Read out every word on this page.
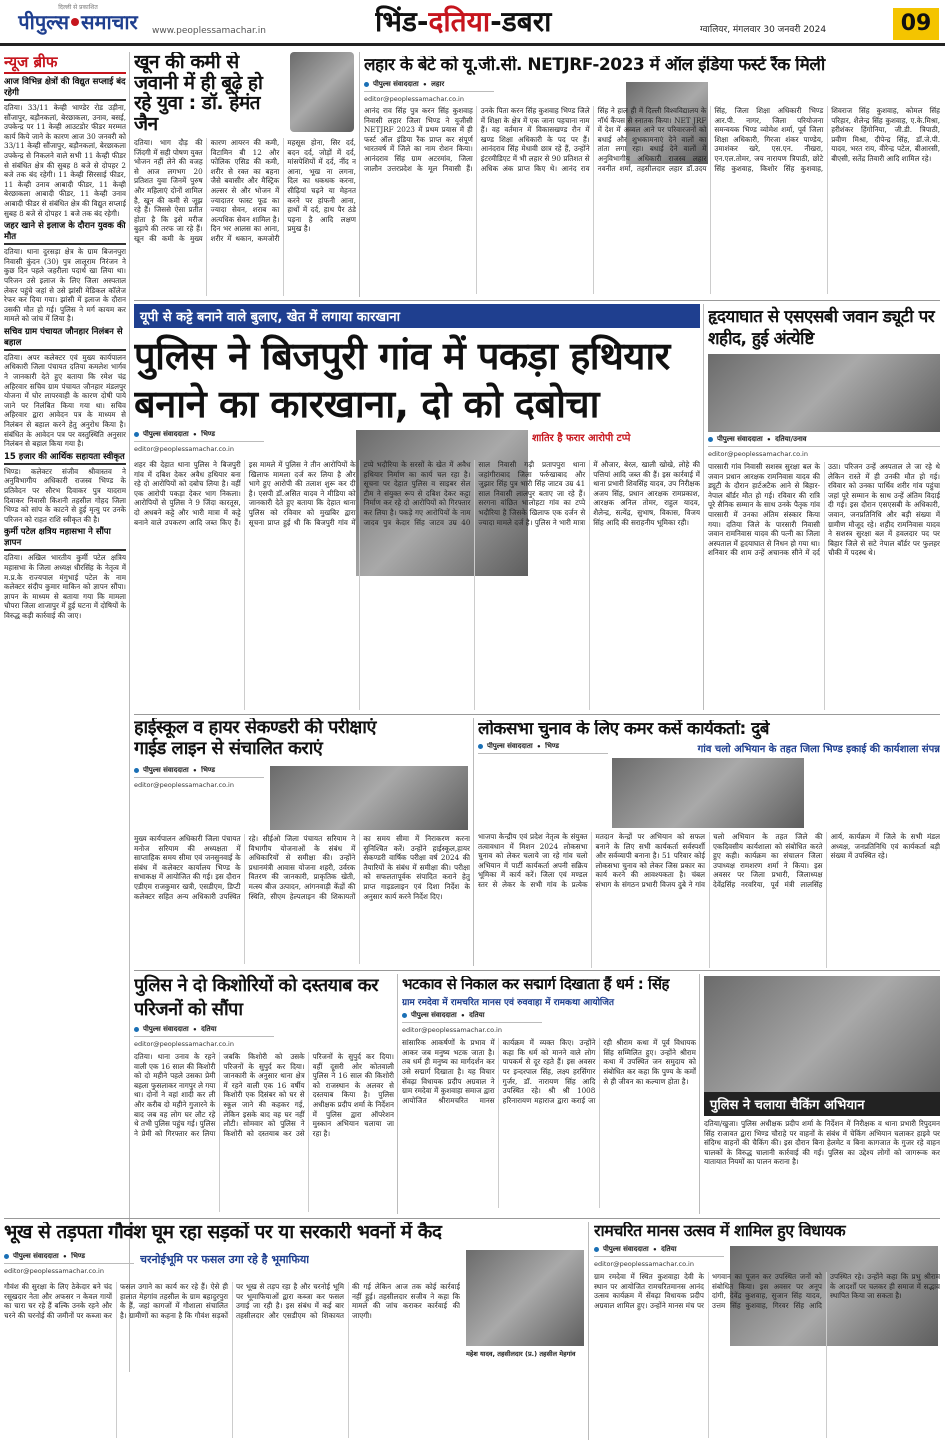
दिल्ली से प्रकाशित
पीपुल्स समाचार www.peoplessamachar.in	भिंड-दतिया-डबरा	ग्वालियर, मंगलवार 30 जनवरी 2024	09
न्यूज ब्रीफ
आज विभिन्न क्षेत्रों की विद्युत सप्लाई बंद रहेगी
दतिया। 33/11 केव्ही भाण्डेर रोड उड़ीना, सौंजापुर, बड़ौनकलां, बेरछाकला, उनाव, बसई, उपकेन्द्र पर 11 केव्ही आउटडोर फीडर मरम्मत कार्य किये जाने के कारण आज 30 जनवरी को 33/11 केव्ही सौंजापुर, बड़ौनकलां, बेरछाकला उपकेन्द्र से निकलने वाले सभी 11 केव्ही फीडर से संबंधित क्षेत्र की सुबह 8 बजे से दोपहर 2 बजे तक बंद रहेगी। 11 केव्ही सिरसाई फीडर, 11 केव्ही उनाव आबादी फीडर, 11 केव्ही बेरछाकला आबादी फीडर, 11 केव्ही उनाव आबादी फीडर से संबंधित क्षेत्र की विद्युत सप्लाई सुबह 8 बजे से दोपहर 1 बजे तक बंद रहेगी।
जहर खाने से इलाज के दौरान युवक की मौत
दतिया। थाना दुरसड़ा क्षेत्र के ग्राम बिजनपुरा निवासी कुंदन (30) पुत्र लालूराम निरंजन ने कुछ दिन पहले जहरीला पदार्थ खा लिया था। परिजन उसे इलाज के लिए जिला अस्पताल लेकर पहुंचे जहां से उसे झांसी मेडिकल कॉलेज रेफर कर दिया गया। झांसी में इलाज के दौरान उसकी मौत हो गई। पुलिस ने मर्ग कायम कर मामले को जांच में लिया है।
सचिव ग्राम पंचायत जौनहार निलंबन से बहाल
दतिया। अपर कलेक्टर एवं मुख्य कार्यपालन अधिकारी जिला पंचायत दतिया कमलेश भार्गव ने जानकारी देते हुए बताया कि रमेश चंद्र अहिरवार सचिव ग्राम पंचायत जौनहार मंडलपुर योजना में घोर लापरवाही के कारण दोषी पाये जाने पर निलंबित किया गया था। सचिव अहिरवार द्वारा आवेदन पत्र के माध्यम से निलंबन से बहाल करने हेतु अनुरोध किया है। संबंधित के आवेदन पत्र पर वस्तुस्थिति अनुसार निलंबन से बहाल किया गया है।
15 हजार की आर्थिक सहायता स्वीकृत
भिण्ड। कलेक्टर संजीव श्रीवास्तव ने अनुविभागीय अधिकारी राजस्व भिण्ड के प्रतिवेदन पर सौरभ दिवाकर पुत्र यादराम दिवाकर निवासी किशनी तहसील गोहद जिला भिण्ड को सांप के काटने से हुई मृत्यु पर उनके परिजन को राहत राशि स्वीकृत की है।
कुर्मी पटेल क्षत्रिय महासभा ने सौंपा ज्ञापन
दतिया। अखिल भारतीय कुर्मी पटेल क्षत्रिय महासभा के जिला अध्यक्ष धीरसिंह के नेतृत्व में म.प्र.के राज्यपाल मंगुभाई पटेल के नाम कलेक्टर संदीप कुमार माकिन को ज्ञापन सौंपा। ज्ञापन के माध्यम से बताया गया कि मामला चौपरा जिला शाजापुर में हुई घटना में दोषियों के विरुद्ध कड़ी कार्रवाई की जाए।
खून की कमी से जवानी में ही बूढ़े हो रहे युवा : डॉ. हेमंत जैन
दतिया। भाग दौड़ की जिंदगी में सही पोषण युक्त भोजन नहीं लेने की वजह से आज लगभग 20 प्रतिशत युवा जिनमें पुरुष और महिलाएं दोनों शामिल है, खून की कमी से जूझ रहे हैं। जिससे ऐसा प्रतीत होता है कि इसे मरीज बुढ़ापे की तरफ जा रहे हैं। खून की कमी के मुख्य कारण आयरन की कमी, विटामिन बी 12 और फोलिक एसिड की कमी, शरीर से रक्त का बहना जैसे बवासीर और मैस्ट्रिक अल्सर से और भोजन में ज्यादातर फास्ट फूड का ज्यादा सेवन, शराब का अत्यधिक सेवन शामिल है। दिन भर आलस का आना, शरीर में थकान, कमजोरी महसूस होना, सिर दर्द, बदन दर्द, जोड़ों में दर्द, मांसपेशियों में दर्द, नींद न आना, भूख ना लगना, दिल का धकधक करना, सीढ़ियां चढ़ने या मेहनत करने पर हांफनी आना, हाथों में दर्द, हाथ पैर ठंडे पड़ना है आदि लक्षण प्रमुख है।
लहार के बेटे को यू.जी.सी. NETJRF-2023 में ऑल इंडिया फर्स्ट रैंक मिली
पीपुल्स संवाददाता • लहार
editor@peoplessamachar.co.in
आनंद राव सिंह पुत्र करन सिंह कुशवाह निवासी लहार जिला भिण्ड ने यूजीसी NETJRF 2023 में प्रथम प्रयास में ही फर्स्ट ऑल इंडिया रैंक प्राप्त कर संपूर्ण भारतवर्ष में जिले का नाम रोशन किया। आनंदराव सिंह ग्राम अटरमांव, जिला जालौन उत्तरप्रदेश के मूल निवासी हैं। उनके पिता करन सिंह कुशवाह भिण्ड जिले में शिक्षा के क्षेत्र में एक जाना पहचाना नाम हैं। वह वर्तमान में विकासखण्ड रौन में खण्ड शिक्षा अधिकारी के पद पर हैं। आनंदराव सिंह मेधावी छात्र रहे हैं, उन्होंने इंटरमीडिएट में भी लहार से 90 प्रतिशत से अधिक अंक प्राप्त किए थे। आनंद राव सिंह ने हाल ही में दिल्ली विश्वविद्यालय के नॉर्थ कैंपस से स्नातक किया। NET JRF में देश में अव्वल आने पर परिवारजनों को बधाई और शुभकामनाएं देने वालों का तांता लगा रहा। बधाई देने वालों में अनुविभागीय अधिकारी राजस्व लहार नवनीत शर्मा, तहसीलदार लहार डॉ.उदय सिंह, जिला शिक्षा अधिकारी भिण्ड आर.पी. नागर, जिला परियोजना समन्वयक भिण्ड व्योमेश शर्मा, पूर्व जिला शिक्षा अधिकारी, गिरजा शंकर पाण्डेय, उमाशंकर खरे, एस.एन. नीखरा, एन.एल.तोमर, जय नारायण त्रिपाठी, छोटे सिंह कुशवाह, किशोर सिंह कुशवाह, शिवराज सिंह कुशवाह, कोमल सिंह परिहार, शैलेन्द्र सिंह कुशवाह, ए.के.मिश्रा, हरीशंकर हिंगोनिया, जी.डी. त्रिपाठी, प्रवीण मिश्रा, दीपेन्द्र सिंह, डॉ.जे.पी. यादव, भरत राय, वीरेन्द्र पटेल, बीआरसी, बीएसी, सतेंद्र तिवारी आदि शामिल रहे।
यूपी से कट्टे बनाने वाले बुलाए, खेत में लगाया कारखाना
पुलिस ने बिजपुरी गांव में पकड़ा हथियार बनाने का कारखाना, दो को दबोचा
पीपुल्स संवाददाता • भिण्ड
editor@peoplessamachar.co.in
शातिर है फरार आरोपी टप्पे
शहर की देहात थाना पुलिस ने बिजपुरी गांव में दबिश देकर अवैध हथियार बना रहे दो आरोपियों को दबोच लिया है। वहीं एक आरोपी पकड़ा देकर भाग निकला। आरोपियों से पुलिस ने 9 जिंदा कारतूस, दो अधबने कट्टे और भारी मात्रा में कट्टे बनाने वाले उपकरण आदि जब्त किए हैं। इस मामले में पुलिस ने तीन आरोपियों के खिलाफ मामला दर्ज कर लिया है और भागे हुए आरोपी की तलाश शुरू कर दी है। एसपी डॉ.असित यादव ने मीडिया को जानकारी देते हुए बताया कि देहात थाना पुलिस को रविवार को मुखबिर द्वारा सूचना प्राप्त हुई थी कि बिजपुरी गांव में टप्पे भदौरिया के सरसों के खेत में अवैध हथियार निर्माण का कार्य चल रहा है। सूचना पर देहात पुलिस व साइबर सेल टीम ने संयुक्त रूप से दबिश देकर कट्टा निर्माण कर रहे दो आरोपियों को गिरफ्तार कर लिया है। पकड़े गए आरोपियों के नाम जादव पुत्र केदार सिंह जाटव उम्र 40 साल निवासी गढ़ी प्रतापपुरा थाना जहांगीराबाद जिला फर्रुखाबाद और जुझार सिंह पुत्र भारी सिंह जाटव उम्र 41 साल निवासी लालपुर बताए जा रहे हैं। सरगना वांछित भालोहटा गांव का टप्पे भदौरिया है जिसके खिलाफ एक दर्जन से ज्यादा मामले दर्ज है। पुलिस ने भारी मात्रा में औजार, बेरल, खाली खोखे, लोहे की पत्तियां आदि जब्त की हैं। इस कार्रवाई में थाना प्रभारी शिवसिंह यादव, उप निरीक्षक अजय सिंह, प्रधान आरक्षक रामप्रकाश, आरक्षक अनिल तोमर, राहुल यादव, शैलेन्द्र, सत्येंद्र, सुभाष, विकास, विजय सिंह आदि की सराहनीय भूमिका रही।
हृदयाघात से एसएसबी जवान ड्यूटी पर शहीद, हुई अंत्येष्टि
पीपुल्स संवाददाता • दतिया/उनाव
editor@peoplessamachar.co.in
पारसारी गांव निवासी सशस्त्र सुरक्षा बल के जवान प्रधान आरक्षक रामनिवास यादव की ड्यूटी के दौरान हार्टअटैक आने से बिहार-नेपाल बॉर्डर मौत हो गई। रविवार की रात्रि पूरे सैनिक सम्मान के साथ उनके पैतृक गांव पारसारी में उनका अंतिम संस्कार किया गया। दतिया जिले के पारसारी निवासी जवान रामनिवास यादव की पत्नी का जिला अस्पताल में हृदयाघात से निधन हो गया था। शनिवार की शाम उन्हें अचानक सीने में दर्द उठा। परिजन उन्हें अस्पताल ले जा रहे थे लेकिन रास्ते में ही उनकी मौत हो गई। रविवार को उनका पार्थिव शरीर गांव पहुंचा जहां पूरे सम्मान के साथ उन्हें अंतिम विदाई दी गई। इस दौरान एसएसबी के अधिकारी, जवान, जनप्रतिनिधि और बड़ी संख्या में ग्रामीण मौजूद रहे। शहीद रामनिवास यादव ने सशस्त्र सुरक्षा बल में हवलदार पद पर बिहार जिले से सटे नेपाल बॉर्डर पर फुलहर चौकी में पदस्थ थे।
हाईस्कूल व हायर सेकण्डरी की परीक्षाएं
गाईड लाइन से संचालित कराएं
पीपुल्स संवाददाता • भिण्ड
editor@peoplessamachar.co.in
मुख्य कार्यपालन अधिकारी जिला पंचायत मनोज सरियाम की अध्यक्षता में साप्ताहिक समय सीमा एवं जनसुनवाई के संबंध में कलेक्टर कार्यालय भिण्ड के सभाकक्ष में आयोजित की गई। इस दौरान एडीएम राजकुमार खत्री, एसडीएम, डिप्टी कलेक्टर सहित अन्य अधिकारी उपस्थित रहे। सीईओ जिला पंचायत सरियाम ने विभागीय योजनाओं के संबंध में अधिकारियों से समीक्षा की। उन्होंने प्रधानमंत्री आवास योजना शहरी, उर्वरक वितरण की जानकारी, प्राकृतिक खेती, मत्स्य बीज उत्पादन, आंगनवाड़ी केंद्रों की स्थिति, सीएम हेल्पलाइन की शिकायतों का समय सीमा में निराकरण करना सुनिश्चित करें। उन्होंने हाईस्कूल,हायर सेकण्डरी वार्षिक परीक्षा वर्ष 2024 की तैयारियों के संबंध में समीक्षा की। परीक्षा को सफलतापूर्वक संपादित कराने हेतु प्राप्त गाइडलाइन एवं दिशा निर्देश के अनुसार कार्य करने निर्देश दिए।
लोकसभा चुनाव के लिए कमर कसें कार्यकर्ता: दुबे
गांव चलो अभियान के तहत जिला भिण्ड इकाई की कार्यशाला संपन्न
पीपुल्स संवाददाता • भिण्ड
भाजपा केन्द्रीय एवं प्रदेश नेतृत्व के संयुक्त तत्वावधान में मिशन 2024 लोकसभा चुनाव को लेकर चलाये जा रहे गांव चलो अभियान में पार्टी कार्यकर्ता अपनी सक्रिय भूमिका में कार्य करें। जिला एवं मण्डल स्तर से लेकर के सभी गांव के प्रत्येक मतदान केन्द्रों पर अभियान को सफल बनाने के लिए सभी कार्यकर्ता सर्वस्पर्शी और सर्वव्यापी बनाना है। 51 परिवार कोई लोकसभा चुनाव को लेकर जिस प्रकार का कार्य करने की आवश्यकता है। चंबल संभाग के संगठन प्रभारी विजय दुबे ने गांव चलो अभियान के तहत जिले की एकदिवसीय कार्यशाला को संबोधित करते हुए कही। कार्यक्रम का संचालन जिला उपाध्यक्ष रामशरण शर्मा ने किया। इस अवसर पर जिला प्रभारी, जिलाध्यक्ष देवेंद्रसिंह नरवरिया, पूर्व मंत्री लालसिंह आर्य, कार्यक्रम में जिले के सभी मंडल अध्यक्ष, जनप्रतिनिधि एवं कार्यकर्ता बड़ी संख्या में उपस्थित रहे।
पुलिस ने दो किशोरियों को दस्तयाब कर परिजनों को सौंपा
पीपुल्स संवाददाता • दतिया
editor@peoplessamachar.co.in
दतिया। थाना उनाव के रहने वाली एक 16 साल की किशोरी को दो महीने पहले उसका प्रेमी बहला फुसलाकर नागपुर ले गया था। दोनों ने वहां शादी कर ली और करीब दो महीने गुजारने के बाद जब वह लोग घर लौट रहे थे तभी पुलिस पहुंच गई। पुलिस ने प्रेमी को गिरफ्तार कर लिया जबकि किशोरी को उसके परिजनों के सुपुर्द कर दिया। जानकारी के अनुसार थाना क्षेत्र में रहने वाली एक 16 वर्षीय किशोरी एक दिसंबर को घर से स्कूल जाने की कहकर गई, लेकिन इसके बाद वह घर नहीं लौटी। सोमवार को पुलिस ने किशोरी को दस्तयाब कर उसे परिजनों के सुपुर्द कर दिया। वहीं दूसरी ओर कोतवाली पुलिस ने 16 साल की किशोरी को राजस्थान के अलवर से दस्तयाब किया है। पुलिस अधीक्षक प्रदीप शर्मा के निर्देशन में पुलिस द्वारा ऑपरेशन मुस्कान अभियान चलाया जा रहा है।
भटकाव से निकाल कर सद्मार्ग दिखाता हैं धर्म : सिंह
ग्राम रमदेवा में रामचरित मानस एवं रुववाहा में रामकथा आयोजित
पीपुल्स संवाददाता • दतिया
editor@peoplessamachar.co.in
सांसारिक आकर्षणों के प्रभाव में आकर जब मनुष्य भटक जाता है। तब धर्म ही मनुष्य का मार्गदर्शन कर उसे सद्मार्ग दिखाता है। यह विचार सेंवढ़ा विधायक प्रदीप अग्रवाल ने ग्राम रमदेवा में कुशवाहा समाज द्वारा आयोजित श्रीरामचरित मानस कार्यक्रम में व्यक्त किए। उन्होंने कहा कि धर्म को मानने वाले लोग पापकर्म से दूर रहते हैं। इस अवसर पर इन्दरपाल सिंह, लक्ष्य हरसिंगार गुर्जर, डॉ. नारायण सिंह आदि उपस्थित रहे। श्री श्री 1008 हरिनारायण महाराज द्वारा कराई जा रही श्रीराम कथा में पूर्व विधायक सिंह सम्मिलित हुए। उन्होंने श्रीराम कथा में उपस्थित जन समुदाय को संबोधित कर कहा कि पुण्य के कर्मों से ही जीवन का कल्याण होता है।
पुलिस ने चलाया चैकिंग अभियान
दतिया/खुजा। पुलिस अधीक्षक प्रदीप शर्मा के निर्देशन में निरीक्षक व थाना प्रभारी रिपुदमन सिंह राजावत द्वारा भिण्ड चौराहे पर वाहनों के संबंध में चेकिंग अभियान चलाकर हाइवे पर संदिग्ध वाहनों की चैकिंग की। इस दौरान बिना हेलमेट व बिना कागजात के गुजर रहे वाहन चालकों के विरुद्ध चालानी कार्रवाई की गई। पुलिस का उद्देश्य लोगों को जागरूक कर यातायात नियमों का पालन कराना है।
भूख से तड़पता गौवंश घूम रहा सड़कों पर या सरकारी भवनों में कैद
पीपुल्स संवाददाता • भिण्ड
editor@peoplessamachar.co.in
चरनोईभूमि पर फसल उगा रहे है भूमाफिया
महेश यादव, तहसीलदार (प्र.) तहसील मेहगांव
गौवंश की सुरक्षा के लिए ठेकेदार बने चंद रसूखदार नेता और अफसर न केवल गायों का चारा चर रहे हैं बल्कि उनके रहने और चरने की चरनोई की जमीनों पर कब्जा कर फसल उगाने का कार्य कर रहे हैं। ऐसे ही हालात मेहगांव तहसील के ग्राम बहादुरपुरा के हैं, जहां कागजों में गौशाला संचालित है। ग्रामीणों का कहना है कि गौवंश सड़कों पर भूख से तड़प रहा है और चरनोई भूमि पर भूमाफियाओं द्वारा कब्जा कर फसल उगाई जा रही है। इस संबंध में कई बार तहसीलदार और एसडीएम को शिकायत की गई लेकिन आज तक कोई कार्रवाई नहीं हुई। तहसीलदार सजीव ने कहा कि मामले की जांच कराकर कार्रवाई की जाएगी।
रामचरित मानस उत्सव में शामिल हुए विधायक
पीपुल्स संवाददाता • दतिया
editor@peoplessamachar.co.in
ग्राम रमदेवा में स्थित कुशवाहा देवी के स्थान पर आयोजित रामचरितमानस आनंद उत्सव कार्यक्रम में सेंवढ़ा विधायक प्रदीप अग्रवाल शामिल हुए। उन्होंने मानस मंच पर भगवान का पूजन कर उपस्थित जनों को संबोधित किया। इस अवसर पर अनूप दांगी, देवेंद्र कुशवाह, सुजान सिंह यादव, उत्तम सिंह कुशवाह, गिरवर सिंह आदि उपस्थित रहे। उन्होंने कहा कि प्रभु श्रीराम के आदर्शों पर चलकर ही समाज में सद्भाव स्थापित किया जा सकता है।
